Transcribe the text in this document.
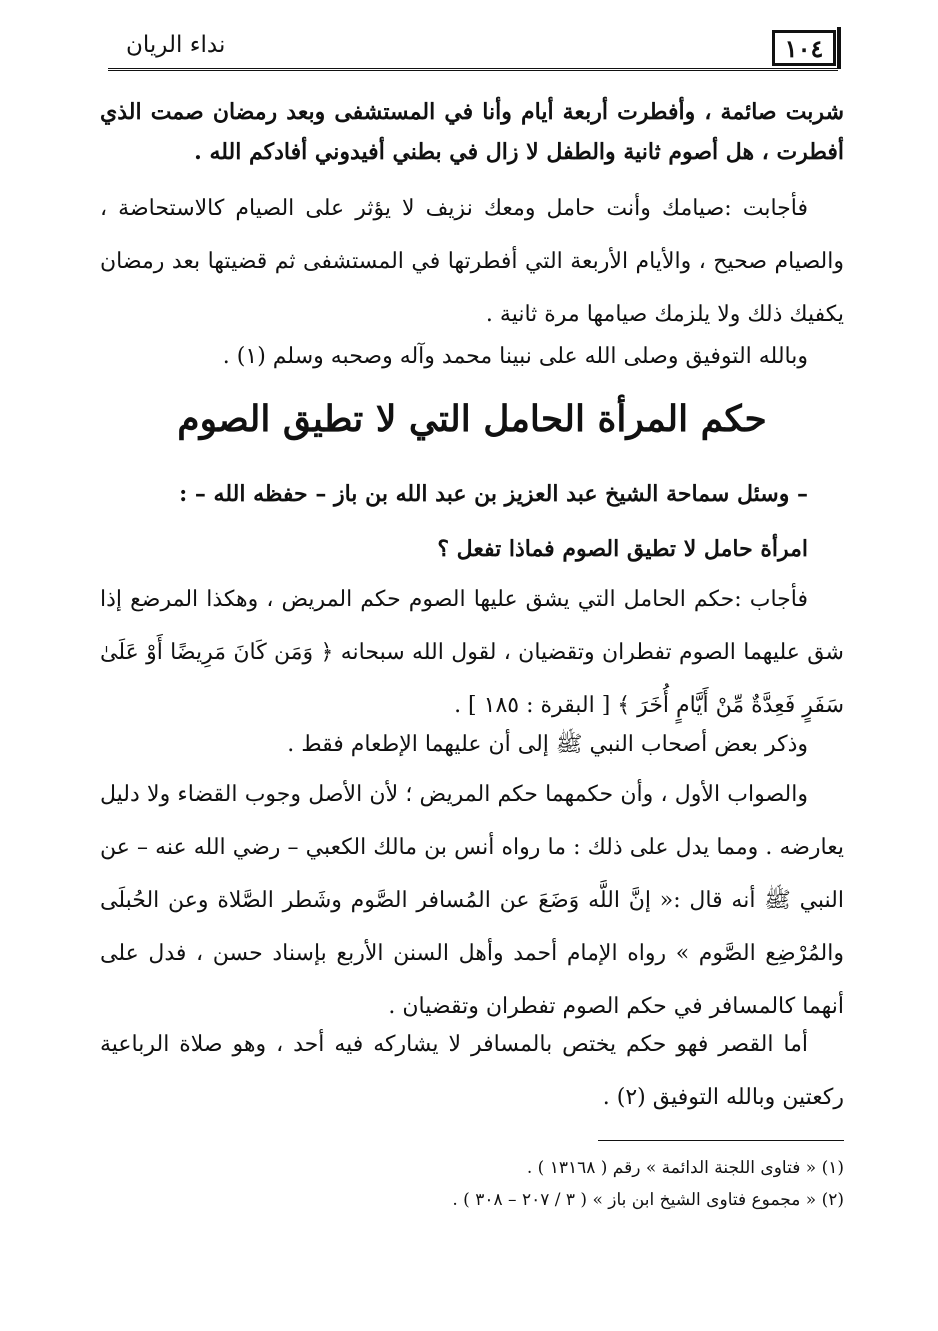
١٠٤
نداء الريان

شربت صائمة ، وأفطرت أربعة أيام وأنا في المستشفى وبعد رمضان صمت الذي أفطرت ، هل أصوم ثانية والطفل لا زال في بطني أفيدوني أفادكم الله .

فأجابت :صيامك وأنت حامل ومعك نزيف لا يؤثر على الصيام كالاستحاضة ، والصيام صحيح ، والأيام الأربعة التي أفطرتها في المستشفى ثم قضيتها بعد رمضان يكفيك ذلك ولا يلزمك صيامها مرة ثانية .

وبالله التوفيق وصلى الله على نبينا محمد وآله وصحبه وسلم (١) .

حكم المرأة الحامل التي لا تطيق الصوم

– وسئل سماحة الشيخ عبد العزيز بن عبد الله بن باز – حفظه الله – :

امرأة حامل لا تطيق الصوم فماذا تفعل ؟

فأجاب :حكم الحامل التي يشق عليها الصوم حكم المريض ، وهكذا المرضع إذا شق عليهما الصوم تفطران وتقضيان ، لقول الله سبحانه ﴿ وَمَن كَانَ مَرِيضًا أَوْ عَلَىٰ سَفَرٍ فَعِدَّةٌ مِّنْ أَيَّامٍ أُخَرَ ﴾ [ البقرة : ١٨٥ ] .

وذكر بعض أصحاب النبي ﷺ إلى أن عليهما الإطعام فقط .

والصواب الأول ، وأن حكمهما حكم المريض ؛ لأن الأصل وجوب القضاء ولا دليل يعارضه . ومما يدل على ذلك : ما رواه أنس بن مالك الكعبي – رضي الله عنه – عن النبي ﷺ أنه قال :« إنَّ اللَّه وَضَعَ عن المُسافر الصَّوم وشَطر الصَّلاة وعن الحُبلَى والمُرْضِع الصَّوم » رواه الإمام أحمد وأهل السنن الأربع بإسناد حسن ، فدل على أنهما كالمسافر في حكم الصوم تفطران وتقضيان .

أما القصر فهو حكم يختص بالمسافر لا يشاركه فيه أحد ، وهو صلاة الرباعية ركعتين وبالله التوفيق (٢) .

(١) « فتاوى اللجنة الدائمة » رقم ( ١٣١٦٨ ) .

(٢) « مجموع فتاوى الشيخ ابن باز » ( ٣ / ٢٠٧ – ٣٠٨ ) .
